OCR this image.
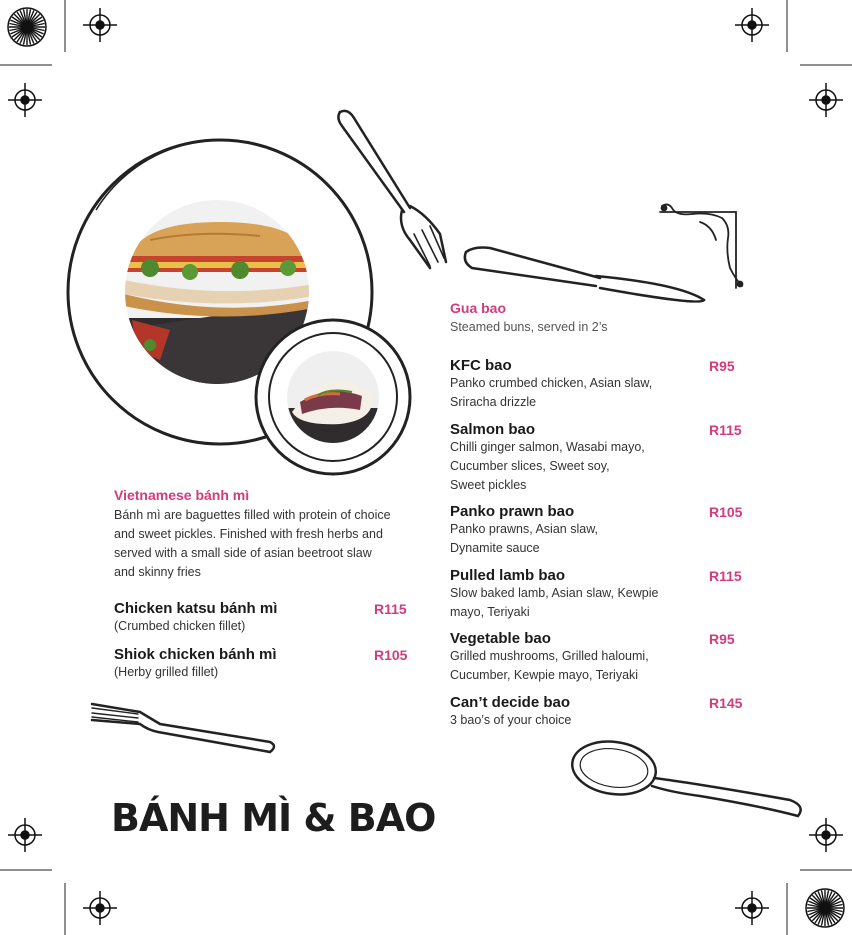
Vietnamese bánh mì
Bánh mì are baguettes filled with protein of choice
and sweet pickles. Finished with fresh herbs and
served with a small side of asian beetroot slaw
and skinny fries
Chicken katsu bánh mì
(Crumbed chicken fillet)
R115
Shiok chicken bánh mì
(Herby grilled fillet)
R105
Gua bao
Steamed buns, served in 2’s
KFC bao
Panko crumbed chicken, Asian slaw,
Sriracha drizzle
R95
Salmon bao
Chilli ginger salmon, Wasabi mayo,
Cucumber slices, Sweet soy,
Sweet pickles
R115
Panko prawn bao
Panko prawns, Asian slaw,
Dynamite sauce
R105
Pulled lamb bao
Slow baked lamb, Asian slaw, Kewpie
mayo, Teriyaki
R115
Vegetable bao
Grilled mushrooms, Grilled haloumi,
Cucumber, Kewpie mayo, Teriyaki
R95
Can’t decide bao
3 bao’s of your choice
R145
BÁNH MÌ & BAO
